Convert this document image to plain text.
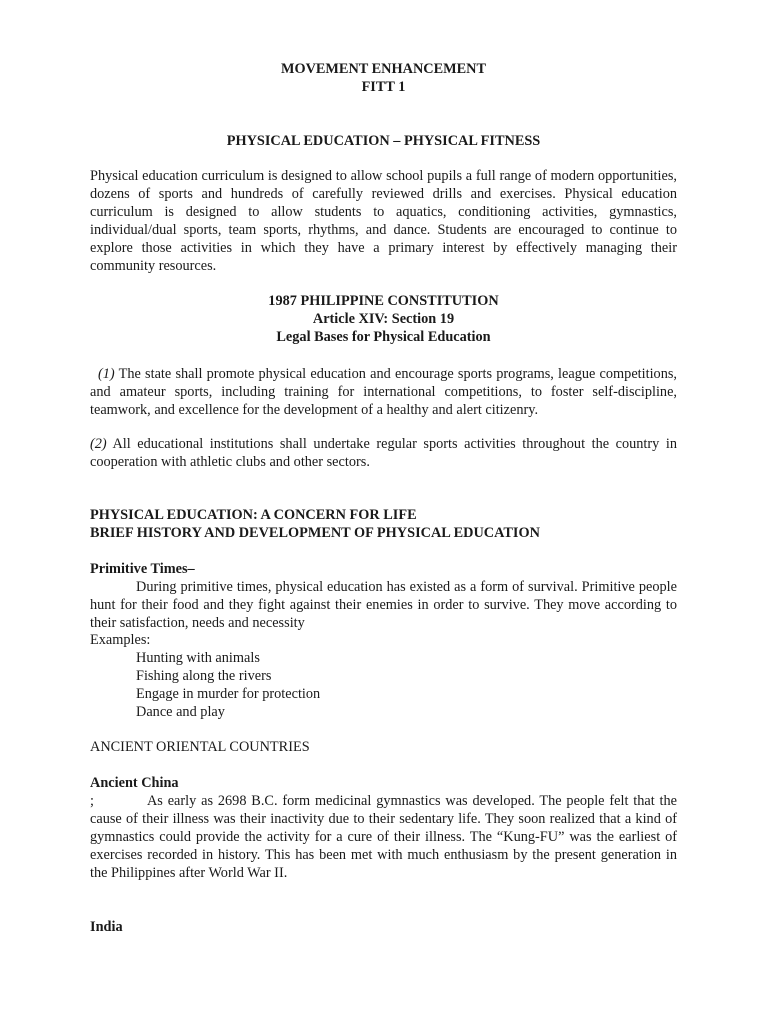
MOVEMENT ENHANCEMENT
FITT 1
PHYSICAL EDUCATION – PHYSICAL FITNESS
Physical education curriculum is designed to allow school pupils a full range of modern opportunities, dozens of sports and hundreds of carefully reviewed drills and exercises. Physical education curriculum is designed to allow students to aquatics, conditioning activities, gymnastics, individual/dual sports, team sports, rhythms, and dance. Students are encouraged to continue to explore those activities in which they have a primary interest by effectively managing their community resources.
1987 PHILIPPINE CONSTITUTION
Article XIV: Section 19
Legal Bases for Physical Education
(1) The state shall promote physical education and encourage sports programs, league competitions, and amateur sports, including training for international competitions, to foster self-discipline, teamwork, and excellence for the development of a healthy and alert citizenry.
(2) All educational institutions shall undertake regular sports activities throughout the country in cooperation with athletic clubs and other sectors.
PHYSICAL EDUCATION: A CONCERN FOR LIFE
BRIEF HISTORY AND DEVELOPMENT OF PHYSICAL EDUCATION
Primitive Times–
During primitive times, physical education has existed as a form of survival. Primitive people hunt for their food and they fight against their enemies in order to survive. They move according to their satisfaction, needs and necessity
Examples:
Hunting with animals
Fishing along the rivers
Engage in murder for protection
Dance and play
ANCIENT ORIENTAL COUNTRIES
Ancient China
;	As early as 2698 B.C. form medicinal gymnastics was developed. The people felt that the cause of their illness was their inactivity due to their sedentary life. They soon realized that a kind of gymnastics could provide the activity for a cure of their illness. The “Kung-FU” was the earliest of exercises recorded in history. This has been met with much enthusiasm by the present generation in the Philippines after World War II.
India
